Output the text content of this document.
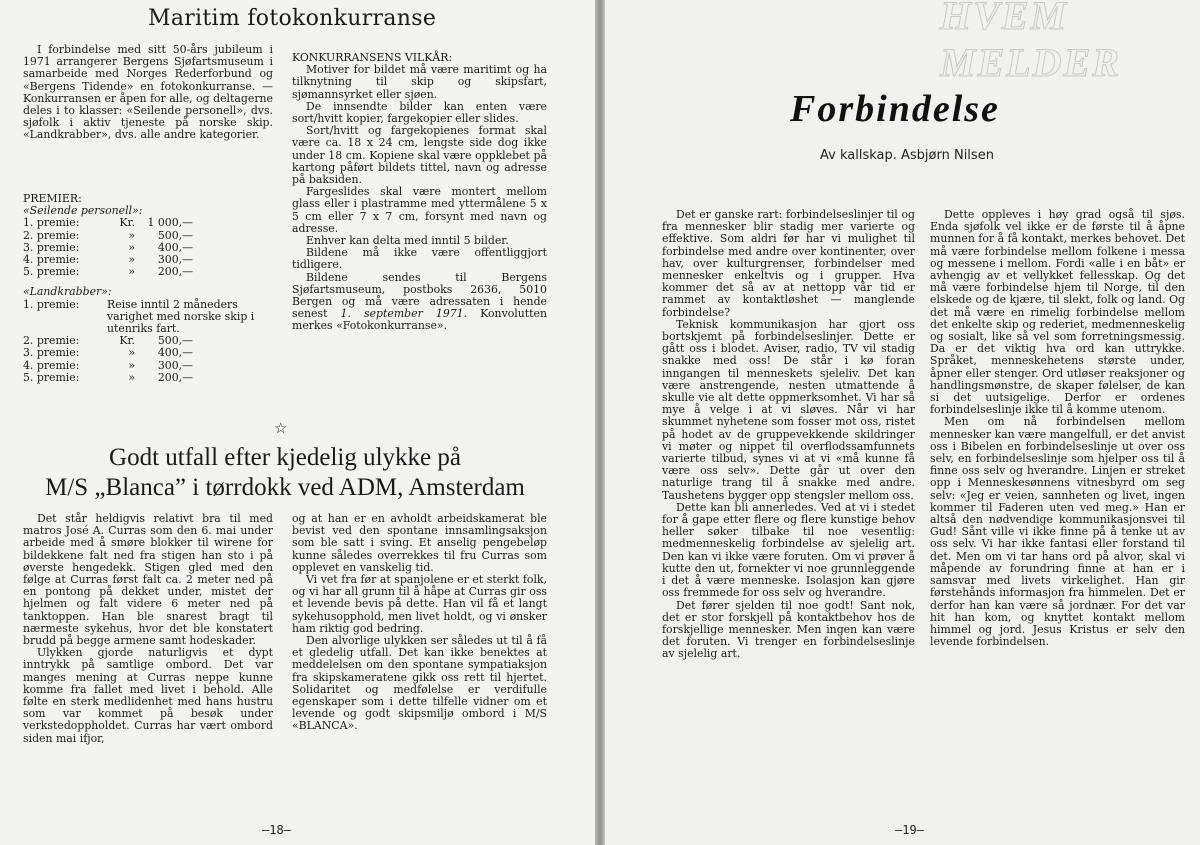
Maritim fotokonkurranse

I forbindelse med sitt 50-års jubileum i 1971 arrangerer Bergens Sjøfartsmuseum i samarbeide med Norges Rederforbund og «Bergens Tidende» en fotokonkurranse. — Konkurransen er åpen for alle, og deltagerne deles i to klasser: «Seilende personell», dvs. sjøfolk i aktiv tjeneste på norske skip. «Landkrabber», dvs. alle andre kategorier.

PREMIER:
«Seilende personell»:
1. premie:	Kr.	1 000,—
2. premie:	»	500,—
3. premie:	»	400,—
4. premie:	»	300,—
5. premie:	»	200,—
«Landkrabber»:
1. premie:	Reise inntil 2 måneders varighet med norske skip i utenriks fart.
2. premie:	Kr.	500,—
3. premie:	»	400,—
4. premie:	»	300,—
5. premie:	»	200,—

KONKURRANSENS VILKÅR:

Motiver for bildet må være maritimt og ha tilknytning til skip og skipsfart, sjømannsyrket eller sjøen.

De innsendte bilder kan enten være sort/hvitt kopier, fargekopier eller slides.

Sort/hvitt og fargekopienes format skal være ca. 18 x 24 cm, lengste side dog ikke under 18 cm. Kopiene skal være oppklebet på kartong påført bildets tittel, navn og adresse på baksiden.

Fargeslides skal være montert mellom glass eller i plastramme med yttermålene 5 x 5 cm eller 7 x 7 cm, forsynt med navn og adresse.

Enhver kan delta med inntil 5 bilder.

Bildene må ikke være offentliggjort tidligere.

Bildene sendes til Bergens Sjøfartsmuseum, postboks 2636, 5010 Bergen og må være adressaten i hende senest 1. september 1971. Konvolutten merkes «Fotokonkurranse».

☆
Godt utfall efter kjedelig ulykke på
M/S „Blanca” i tørrdokk ved ADM, Amsterdam

Det står heldigvis relativt bra til med matros José A. Curras som den 6. mai under arbeide med å smøre blokker til wirene for bildekkene falt ned fra stigen han sto i på øverste hengedekk. Stigen gled med den følge at Curras først falt ca. 2 meter ned på en pontong på dekket under, mistet der hjelmen og falt videre 6 meter ned på tanktoppen. Han ble snarest bragt til nærmeste sykehus, hvor det ble konstatert brudd på begge armene samt hodeskader.

Ulykken gjorde naturligvis et dypt inntrykk på samtlige ombord. Det var manges mening at Curras neppe kunne komme fra fallet med livet i behold. Alle følte en sterk medlidenhet med hans hustru som var kommet på besøk under verkstedoppholdet. Curras har vært ombord siden mai ifjor,

og at han er en avholdt arbeidskamerat ble bevist ved den spontane innsamlingsaksjon som ble satt i sving. Et anselig pengebeløp kunne således overrekkes til fru Curras som opplevet en vanskelig tid.

Vi vet fra før at spanjolene er et sterkt folk, og vi har all grunn til å håpe at Curras gir oss et levende bevis på dette. Han vil få et langt sykehusopphold, men livet holdt, og vi ønsker ham riktig god bedring.

Den alvorlige ulykken ser således ut til å få et gledelig utfall. Det kan ikke benektes at meddelelsen om den spontane sympatiaksjon fra skipskameratene gikk oss rett til hjertet. Solidaritet og medfølelse er verdifulle egenskaper som i dette tilfelle vidner om et levende og godt skipsmiljø ombord i M/S «BLANCA».

—18—
HVEM MELDER
Forbindelse
Av kallskap. Asbjørn Nilsen

Det er ganske rart: forbindelseslinjer til og fra mennesker blir stadig mer varierte og effektive. Som aldri før har vi mulighet til forbindelse med andre over kontinenter, over hav, over kulturgrenser, forbindelser med mennesker enkeltvis og i grupper. Hva kommer det så av at nettopp vår tid er rammet av kontaktløshet — manglende forbindelse?

Teknisk kommunikasjon har gjort oss bortskjemt på forbindelseslinjer. Dette er gått oss i blodet. Aviser, radio, TV vil stadig snakke med oss! De står i kø foran inngangen til menneskets sjeleliv. Det kan være anstrengende, nesten utmattende å skulle vie alt dette oppmerksomhet. Vi har så mye å velge i at vi sløves. Når vi har skummet nyhetene som fosser mot oss, ristet på hodet av de gruppevekkende skildringer vi møter og nippet til overflodssamfunnets varierte tilbud, synes vi at vi «må kunne få være oss selv». Dette går ut over den naturlige trang til å snakke med andre. Taushetens bygger opp stengsler mellom oss.

Dette kan bli annerledes. Ved at vi i stedet for å gape etter flere og flere kunstige behov heller søker tilbake til noe vesentlig: medmenneskelig forbindelse av sjelelig art. Den kan vi ikke være foruten. Om vi prøver å kutte den ut, fornekter vi noe grunnleggende i det å være menneske. Isolasjon kan gjøre oss fremmede for oss selv og hverandre.

Det fører sjelden til noe godt! Sant nok, det er stor forskjell på kontaktbehov hos de forskjellige mennesker. Men ingen kan være det foruten. Vi trenger en forbindelseslinje av sjelelig art.

Dette oppleves i høy grad også til sjøs. Enda sjøfolk vel ikke er de første til å åpne munnen for å få kontakt, merkes behovet. Det må være forbindelse mellom folkene i messa og messene i mellom. Fordi «alle i en båt» er avhengig av et vellykket fellesskap. Og det må være forbindelse hjem til Norge, til den elskede og de kjære, til slekt, folk og land. Og det må være en rimelig forbindelse mellom det enkelte skip og rederiet, medmenneskelig og sosialt, like så vel som forretningsmessig. Da er det viktig hva ord kan uttrykke. Språket, menneskehetens største under, åpner eller stenger. Ord utløser reaksjoner og handlingsmønstre, de skaper følelser, de kan si det uutsigelige. Derfor er ordenes forbindelseslinje ikke til å komme utenom.

Men om nå forbindelsen mellom mennesker kan være mangelfull, er det anvist oss i Bibelen en forbindelseslinje ut over oss selv, en forbindelseslinje som hjelper oss til å finne oss selv og hverandre. Linjen er streket opp i Menneskesønnens vitnesbyrd om seg selv: «Jeg er veien, sannheten og livet, ingen kommer til Faderen uten ved meg.» Han er altså den nødvendige kommunikasjonsvei til Gud! Sånt ville vi ikke finne på å tenke ut av oss selv. Vi har ikke fantasi eller forstand til det. Men om vi tar hans ord på alvor, skal vi måpende av forundring finne at han er i samsvar med livets virkelighet. Han gir førstehånds informasjon fra himmelen. Det er derfor han kan være så jordnær. For det var hit han kom, og knyttet kontakt mellom himmel og jord. Jesus Kristus er selv den levende forbindelsen.

—19—
